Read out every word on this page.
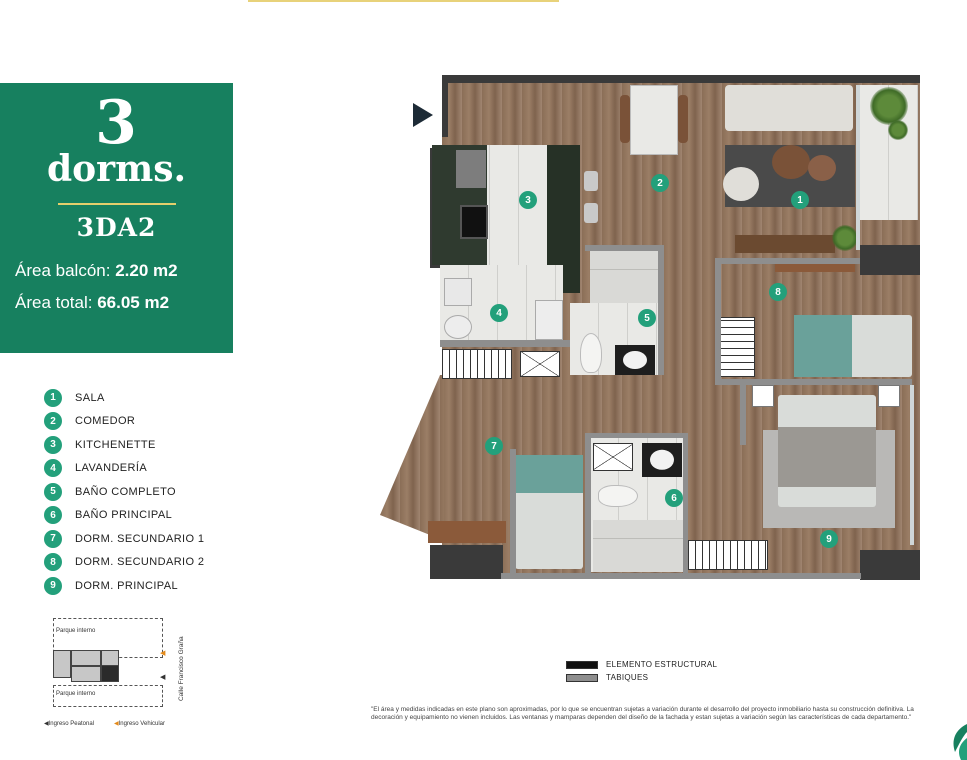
3
dorms.
3DA2
Área balcón: 2.20 m2
Área total: 66.05 m2
1	SALA
2	COMEDOR
3	KITCHENETTE
4	LAVANDERÍA
5	BAÑO COMPLETO
6	BAÑO PRINCIPAL
7	DORM. SECUNDARIO 1
8	DORM. SECUNDARIO 2
9	DORM. PRINCIPAL
Parque interno
Parque interno
◀
◀ Calle Francisco Graña
◀Ingreso Peatonal	◀Ingreso Vehicular
1
2
3
4	5
6
7
8
9
ELEMENTO ESTRUCTURAL
TABIQUES
"El área y medidas indicadas en este plano son aproximadas, por lo que se encuentran sujetas a variación durante el desarrollo del proyecto inmobiliario hasta su construcción definitiva. La decoración y equipamiento no vienen incluidos. Las ventanas y mamparas dependen del diseño de la fachada y estan sujetas a variación según las características de cada departamento."
